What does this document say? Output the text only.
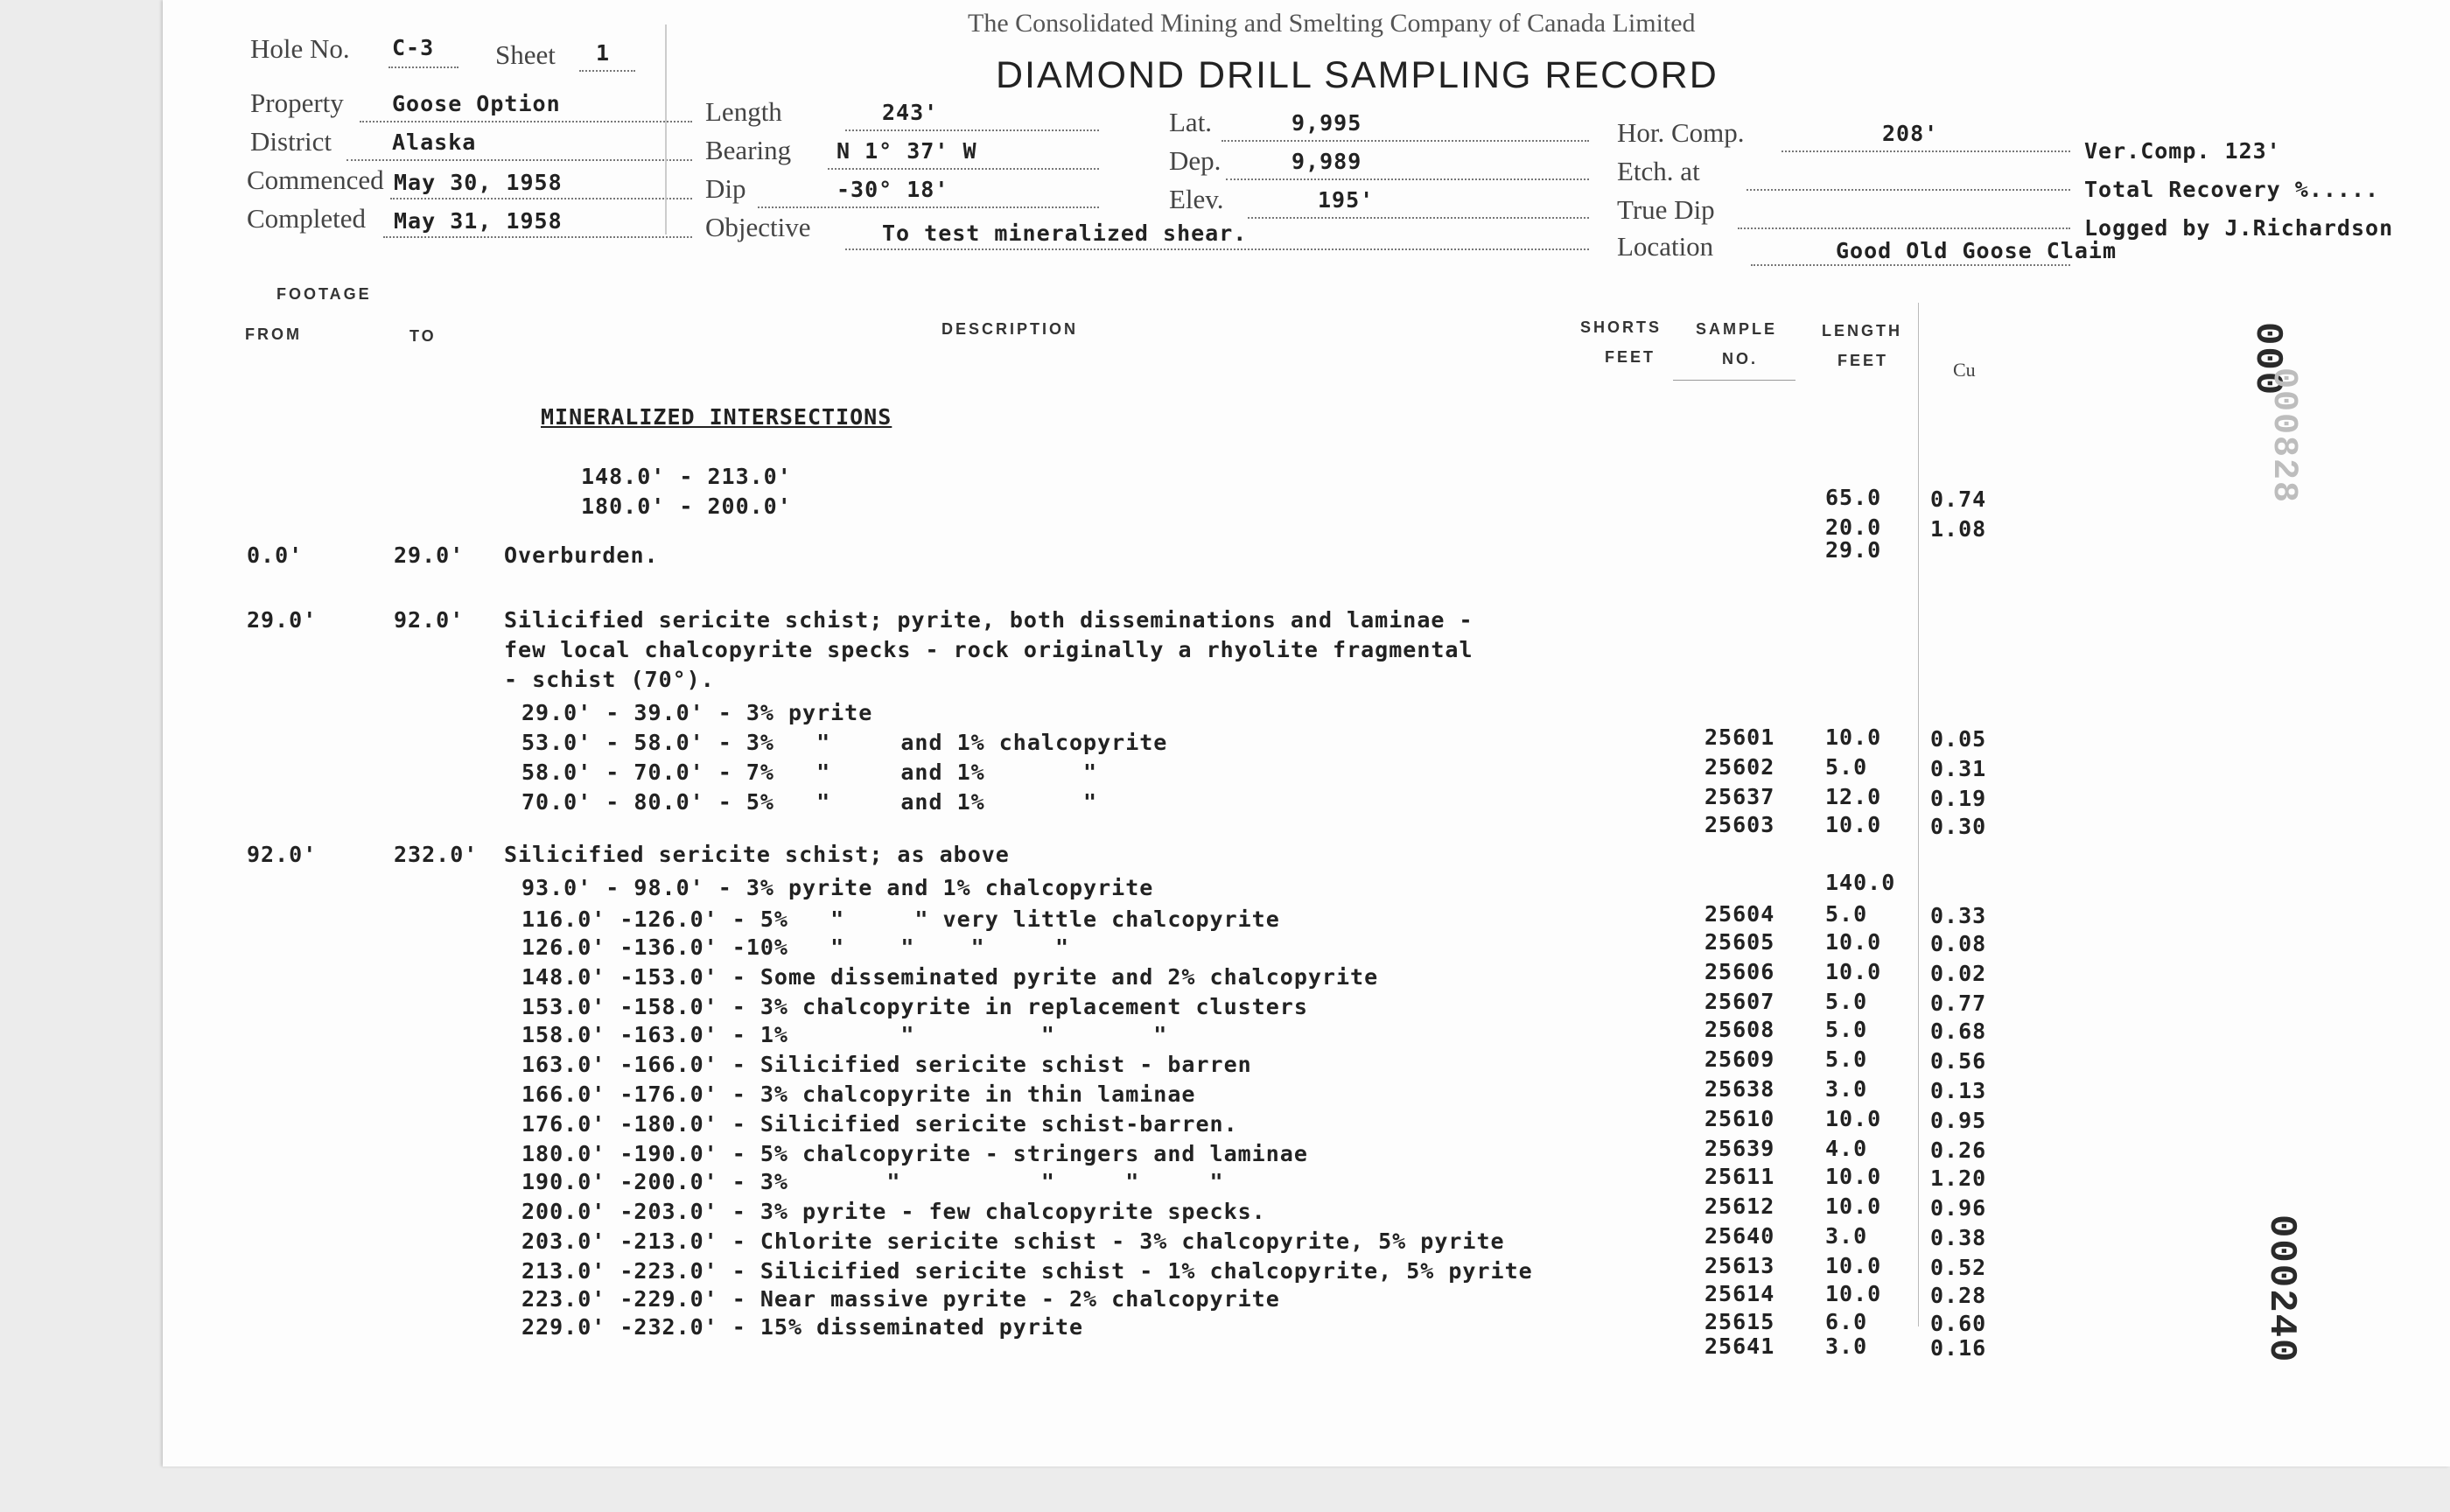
The Consolidated Mining and Smelting Company of Canada Limited
DIAMOND DRILL SAMPLING RECORD
Hole No. C-3 Sheet 1
Property Goose Option
District	Alaska
Commenced May 30, 1958
Completed May 31, 1958
Length	243'
Bearing N 1° 37' W
Dip	-30° 18'
Objective	To test mineralized shear.
Lat.	9,995
Dep.	9,989
Elev.	195'
Hor. Comp.	208'
Etch. at
True Dip
Location	Good Old Goose Claim
Ver.Comp. 123'
Total Recovery %.....
Logged by J.Richardson
FOOTAGE
FROM	TO	DESCRIPTION	SHORTS
FEET
SAMPLE
NO.
LENGTH
FEET	Cu
MINERALIZED INTERSECTIONS
148.0' - 213.0'
65.0 0.74
180.0' - 200.0'
20.0 1.08
0.0'	29.0' Overburden.	29.0
29.0'	92.0' Silicified sericite schist; pyrite, both disseminations and laminae -
few local chalcopyrite specks - rock originally a rhyolite fragmental
- schist (70°).
29.0' - 39.0' - 3% pyrite
53.0' - 58.0' - 3%   "     and 1% chalcopyrite	25601 10.0 0.05
58.0' - 70.0' - 7%   "     and 1%       "	25602 5.0	0.31
70.0' - 80.0' - 5%   "     and 1%       "	25637 12.0 0.19
25603 10.0 0.30
92.0'	232.0' Silicified sericite schist; as above
93.0' - 98.0' - 3% pyrite and 1% chalcopyrite	140.0
116.0' -126.0' - 5%   "     " very little chalcopyrite	25604 5.0	0.33
126.0' -136.0' -10%   "    "    "     "	25605 10.0 0.08
148.0' -153.0' - Some disseminated pyrite and 2% chalcopyrite	25606 10.0 0.02
153.0' -158.0' - 3% chalcopyrite in replacement clusters	25607 5.0	0.77
158.0' -163.0' - 1%        "         "       "	25608 5.0	0.68
163.0' -166.0' - Silicified sericite schist - barren	25609 5.0	0.56
166.0' -176.0' - 3% chalcopyrite in thin laminae	25638 3.0	0.13
176.0' -180.0' - Silicified sericite schist-barren.	25610 10.0 0.95
180.0' -190.0' - 5% chalcopyrite - stringers and laminae	25639 4.0	0.26
190.0' -200.0' - 3%       "          "     "     "	25611 10.0 1.20
200.0' -203.0' - 3% pyrite - few chalcopyrite specks.	25612 10.0 0.96
203.0' -213.0' - Chlorite sericite schist - 3% chalcopyrite, 5% pyrite	25640 3.0	0.38
213.0' -223.0' - Silicified sericite schist - 1% chalcopyrite, 5% pyrite	25613 10.0 0.52
223.0' -229.0' - Near massive pyrite - 2% chalcopyrite	25614 10.0 0.28
229.0' -232.0' - 15% disseminated pyrite	25615 6.0	0.60
25641 3.0	0.16
000
000828
000240
